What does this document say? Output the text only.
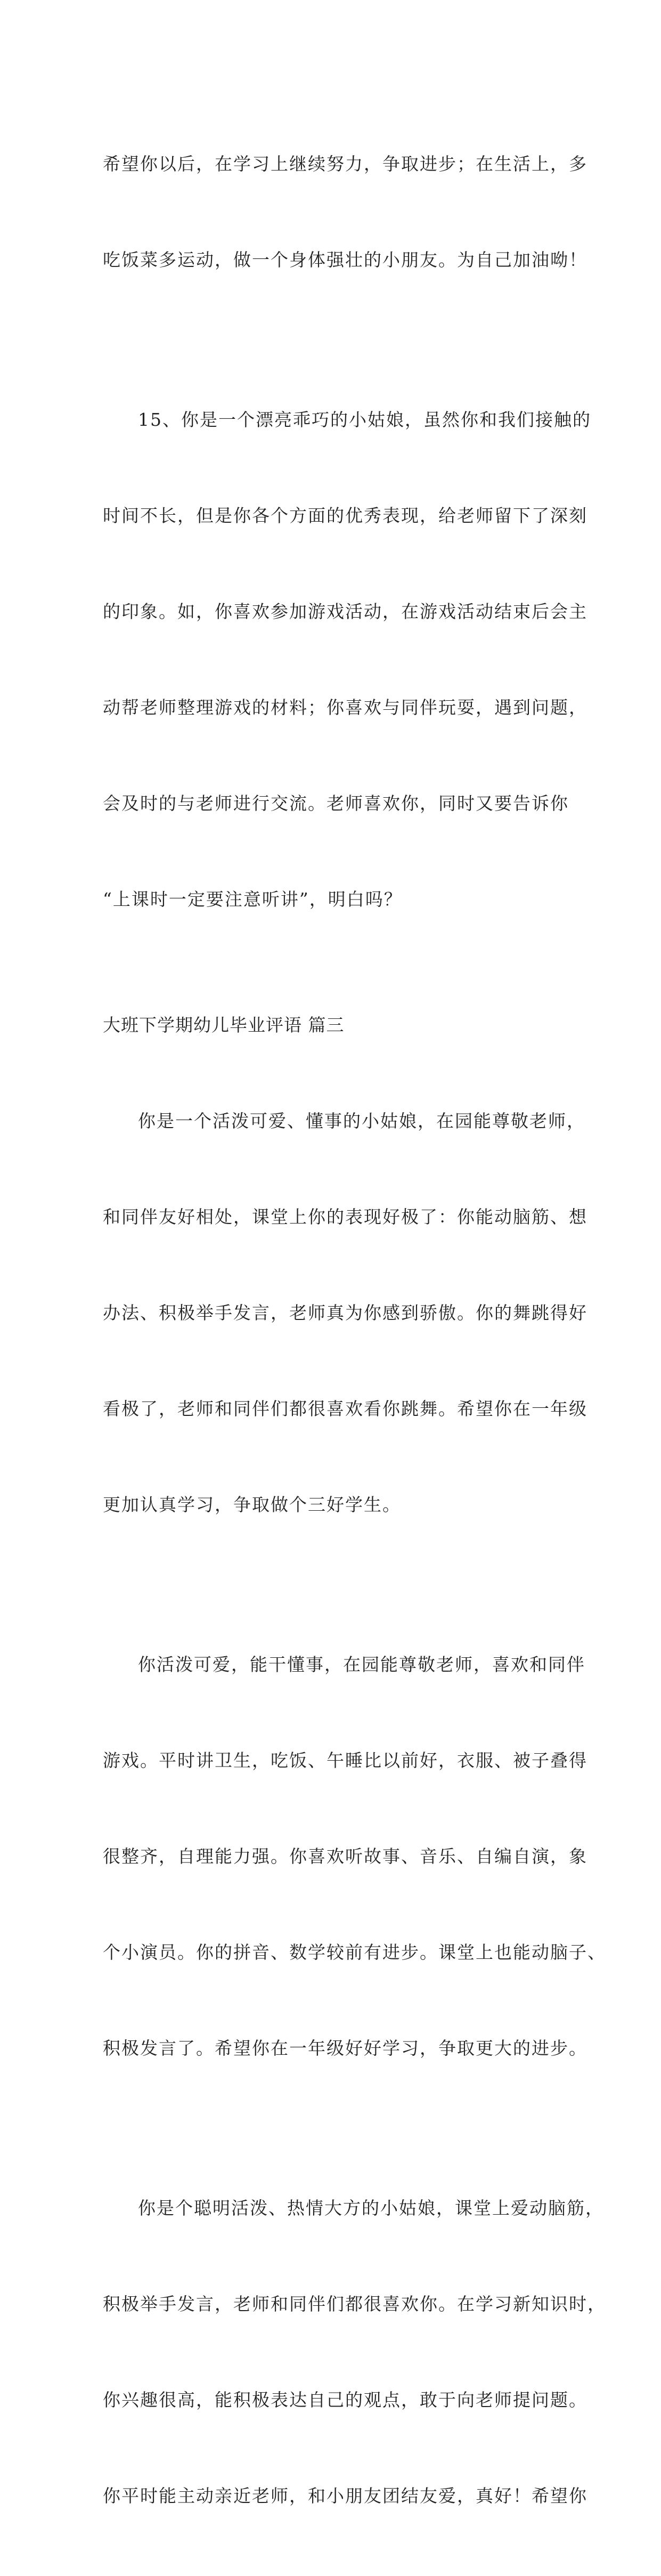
希望你以后，在学习上继续努力，争取进步；在生活上，多

吃饭菜多运动，做一个身体强壮的小朋友。为自己加油呦！

15、你是一个漂亮乖巧的小姑娘，虽然你和我们接触的

时间不长，但是你各个方面的优秀表现，给老师留下了深刻

的印象。如，你喜欢参加游戏活动，在游戏活动结束后会主

动帮老师整理游戏的材料；你喜欢与同伴玩耍，遇到问题，

会及时的与老师进行交流。老师喜欢你，同时又要告诉你

“上课时一定要注意听讲”，明白吗？

大班下学期幼儿毕业评语 篇三

你是一个活泼可爱、懂事的小姑娘，在园能尊敬老师，

和同伴友好相处，课堂上你的表现好极了：你能动脑筋、想

办法、积极举手发言，老师真为你感到骄傲。你的舞跳得好

看极了，老师和同伴们都很喜欢看你跳舞。希望你在一年级

更加认真学习，争取做个三好学生。

你活泼可爱，能干懂事，在园能尊敬老师，喜欢和同伴

游戏。平时讲卫生，吃饭、午睡比以前好，衣服、被子叠得

很整齐，自理能力强。你喜欢听故事、音乐、自编自演，象

个小演员。你的拼音、数学较前有进步。课堂上也能动脑子、

积极发言了。希望你在一年级好好学习，争取更大的进步。

你是个聪明活泼、热情大方的小姑娘，课堂上爱动脑筋，

积极举手发言，老师和同伴们都很喜欢你。在学习新知识时，

你兴趣很高，能积极表达自己的观点，敢于向老师提问题。

你平时能主动亲近老师，和小朋友团结友爱，真好！希望你
